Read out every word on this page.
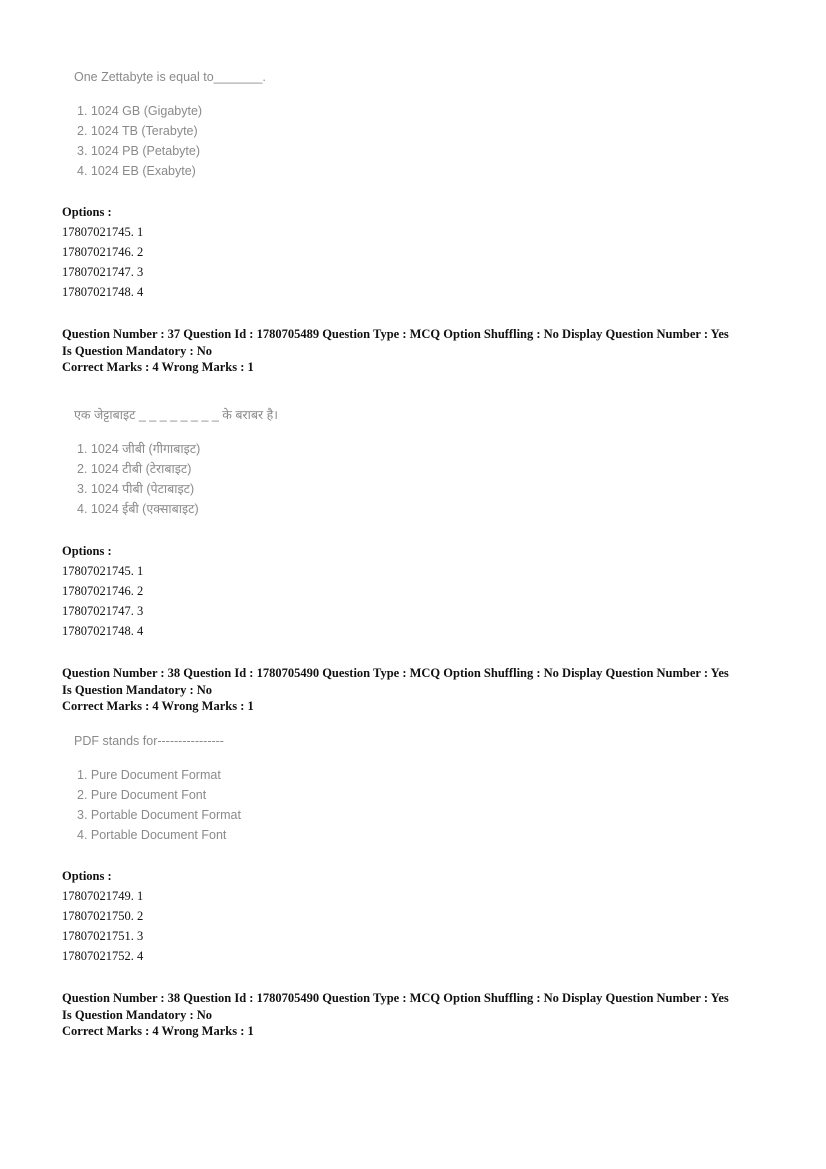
One Zettabyte is equal to_______.
1. 1024 GB (Gigabyte)
2. 1024 TB (Terabyte)
3. 1024 PB (Petabyte)
4. 1024 EB (Exabyte)
Options :
17807021745. 1
17807021746. 2
17807021747. 3
17807021748. 4
Question Number : 37 Question Id : 1780705489 Question Type : MCQ Option Shuffling : No Display Question Number : Yes
Is Question Mandatory : No
Correct Marks : 4 Wrong Marks : 1
एक जेट्टाबाइट _ _ _ _ _ _ _ _ के बराबर है।
1. 1024 जीबी (गीगाबाइट)
2. 1024 टीबी (टेराबाइट)
3. 1024 पीबी (पेटाबाइट)
4. 1024 ईबी (एक्साबाइट)
Options :
17807021745. 1
17807021746. 2
17807021747. 3
17807021748. 4
Question Number : 38 Question Id : 1780705490 Question Type : MCQ Option Shuffling : No Display Question Number : Yes
Is Question Mandatory : No
Correct Marks : 4 Wrong Marks : 1
PDF stands for----------------
1. Pure Document Format
2. Pure Document Font
3. Portable Document Format
4. Portable Document Font
Options :
17807021749. 1
17807021750. 2
17807021751. 3
17807021752. 4
Question Number : 38 Question Id : 1780705490 Question Type : MCQ Option Shuffling : No Display Question Number : Yes
Is Question Mandatory : No
Correct Marks : 4 Wrong Marks : 1
